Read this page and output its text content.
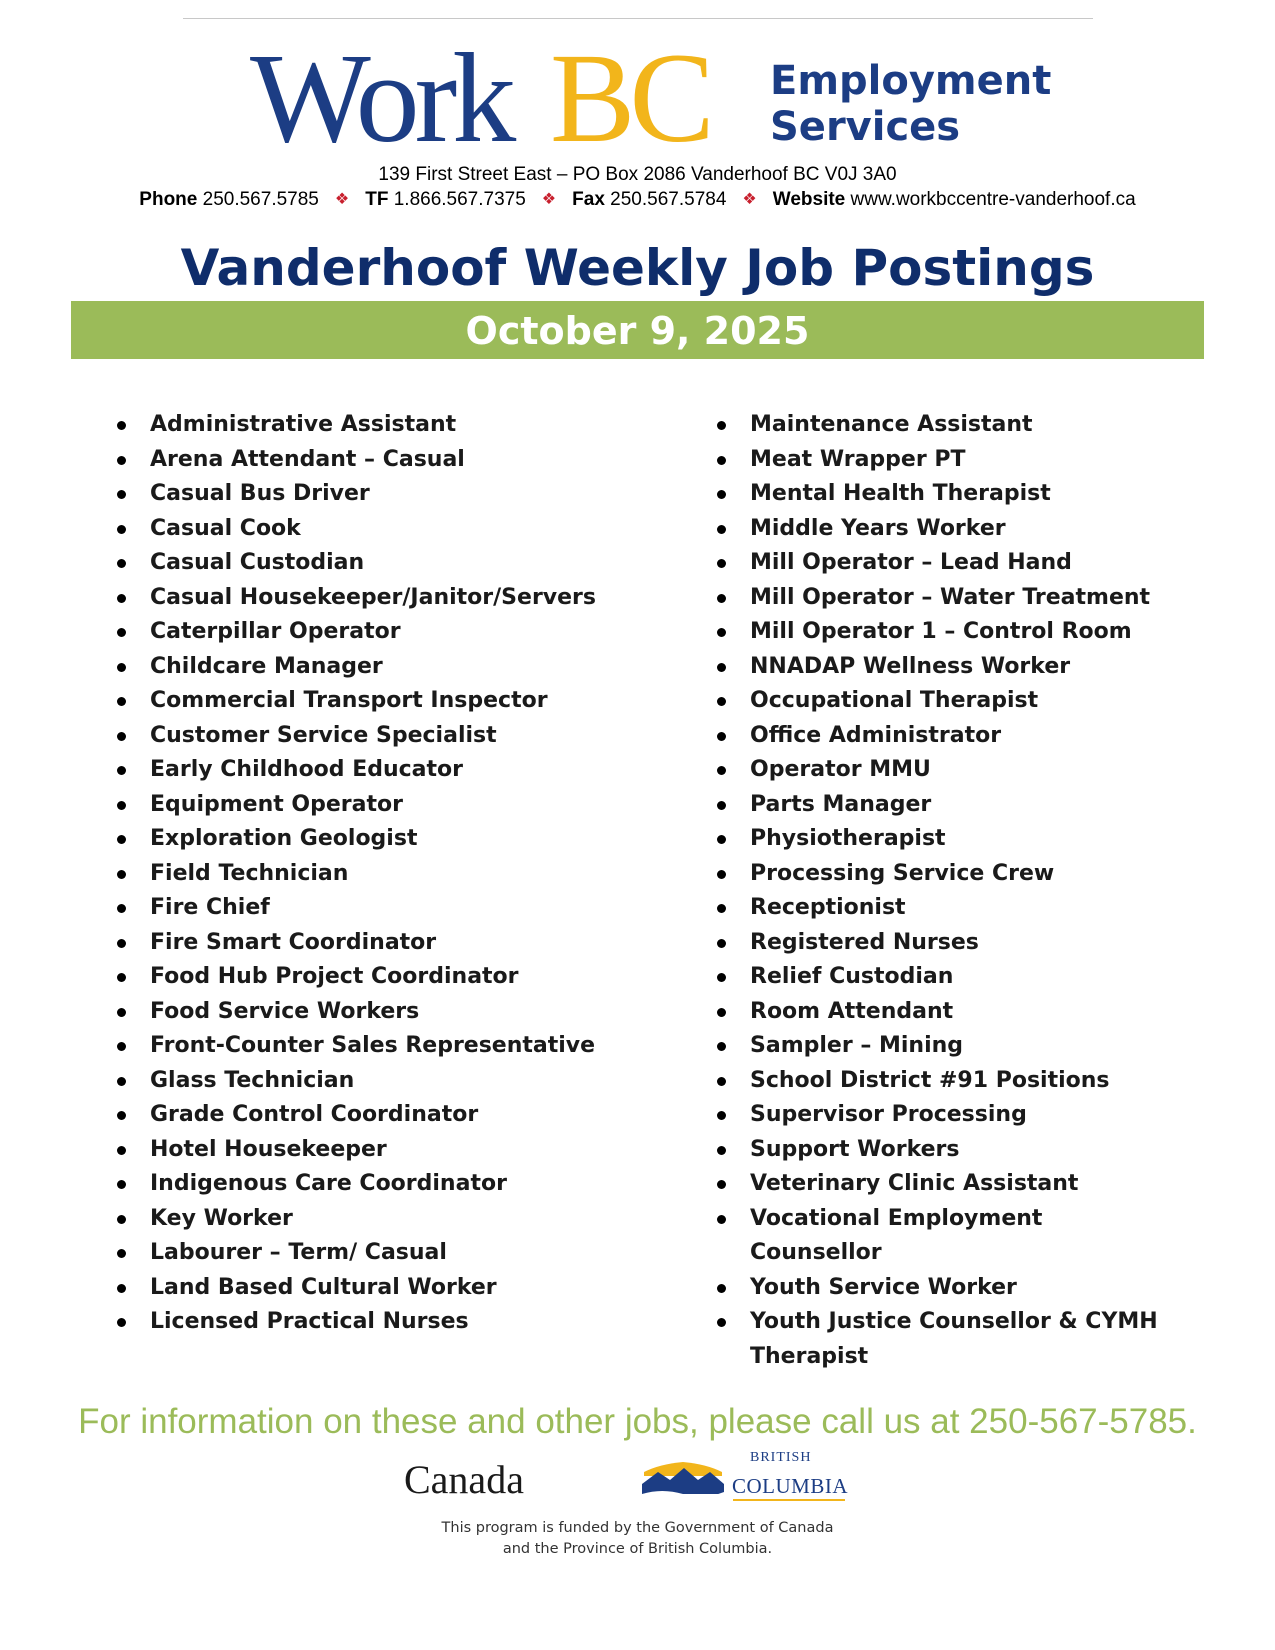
Work BC Employment
Services
139 First Street East – PO Box 2086 Vanderhoof BC V0J 3A0
Phone 250.567.5785 ❖ TF 1.866.567.7375 ❖ Fax 250.567.5784 ❖ Website www.workbccentre-vanderhoof.ca
Vanderhoof Weekly Job Postings
October 9, 2025
Administrative Assistant
Arena Attendant – Casual
Casual Bus Driver
Casual Cook
Casual Custodian
Casual Housekeeper/Janitor/Servers
Caterpillar Operator
Childcare Manager
Commercial Transport Inspector
Customer Service Specialist
Early Childhood Educator
Equipment Operator
Exploration Geologist
Field Technician
Fire Chief
Fire Smart Coordinator
Food Hub Project Coordinator
Food Service Workers
Front-Counter Sales Representative
Glass Technician
Grade Control Coordinator
Hotel Housekeeper
Indigenous Care Coordinator
Key Worker
Labourer – Term/ Casual
Land Based Cultural Worker
Licensed Practical Nurses
Maintenance Assistant
Meat Wrapper PT
Mental Health Therapist
Middle Years Worker
Mill Operator – Lead Hand
Mill Operator – Water Treatment
Mill Operator 1 – Control Room
NNADAP Wellness Worker
Occupational Therapist
Office Administrator
Operator MMU
Parts Manager
Physiotherapist
Processing Service Crew
Receptionist
Registered Nurses
Relief Custodian
Room Attendant
Sampler – Mining
School District #91 Positions
Supervisor Processing
Support Workers
Veterinary Clinic Assistant
Vocational Employment Counsellor
Youth Service Worker
Youth Justice Counsellor & CYMH Therapist
For information on these and other jobs, please call us at 250-567-5785.
Canada	BRITISH
COLUMBIA
This program is funded by the Government of Canada
and the Province of British Columbia.
